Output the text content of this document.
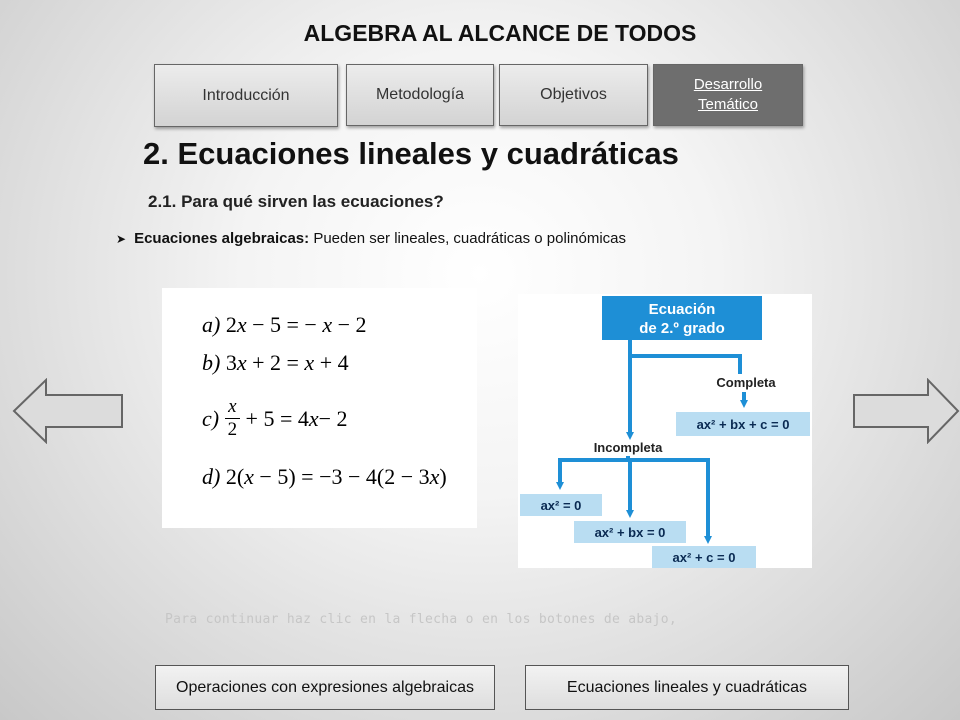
ALGEBRA AL ALCANCE DE TODOS
Introducción	Metodología	Objetivos
Desarrollo Temático
2. Ecuaciones lineales y cuadráticas
2.1. Para qué sirven las ecuaciones?
➤ Ecuaciones algebraicas: Pueden ser lineales, cuadráticas o polinómicas
a) 2x − 5 = − x − 2
b) 3x + 2 = x + 4
c) x
2 + 5 = 4 x − 2
d) 2(x − 5) = −3 − 4(2 − 3x)
Ecuación
de 2.º grado
Completa
ax² + bx + c = 0
Incompleta
ax² = 0
ax² + bx = 0
ax² + c = 0
Para continuar haz clic en la flecha o en los botones de abajo,
Operaciones con expresiones algebraicas	Ecuaciones lineales y cuadráticas
